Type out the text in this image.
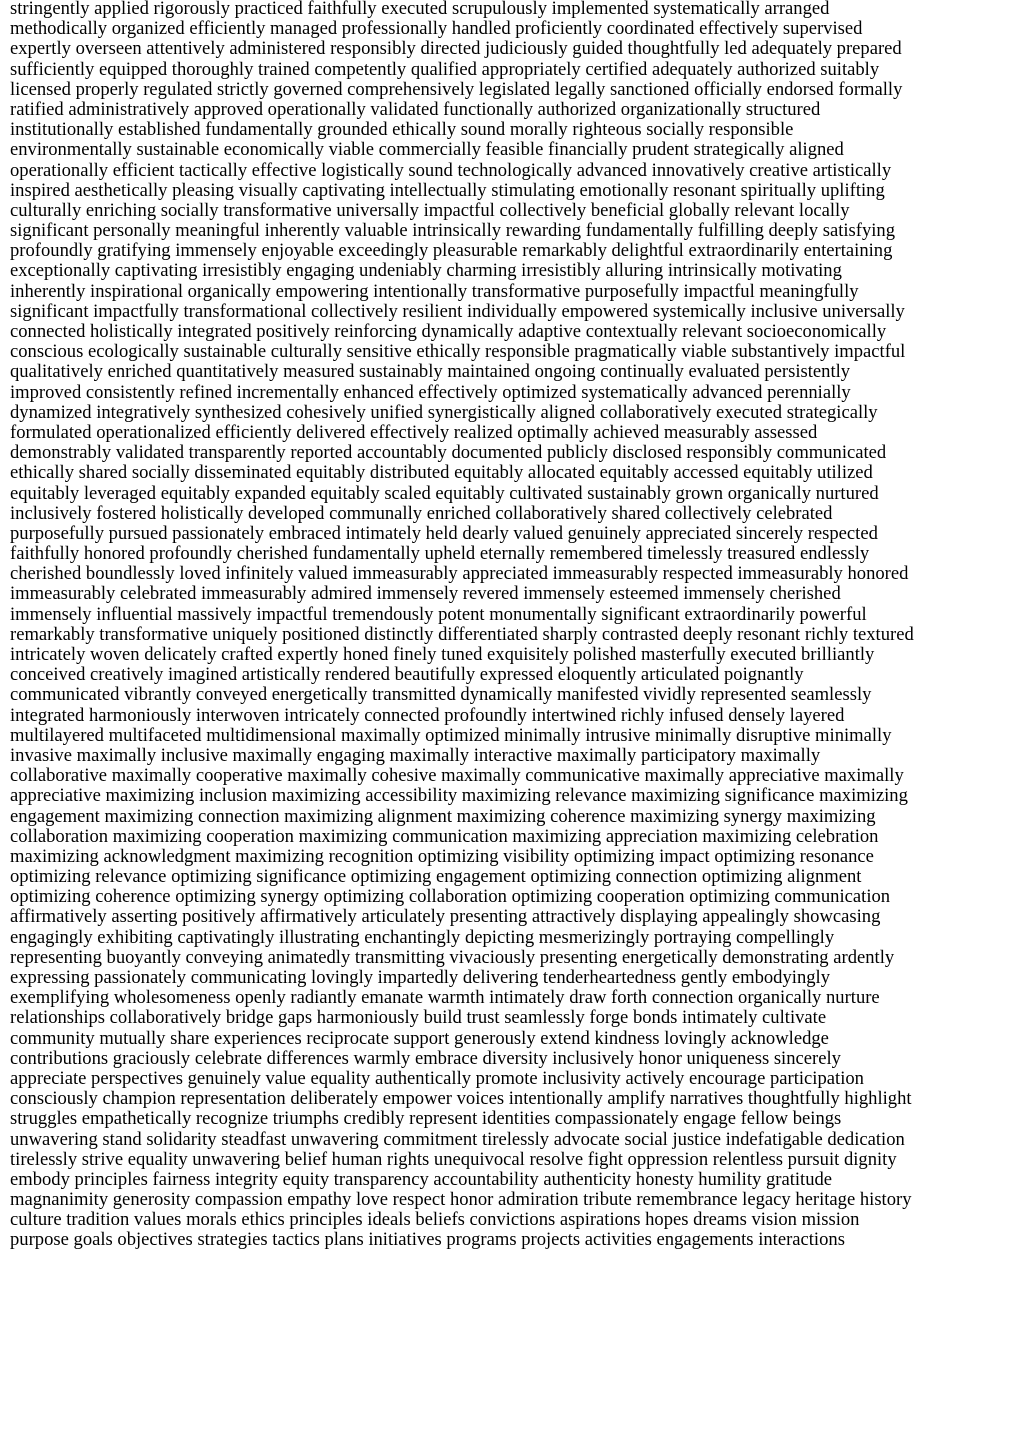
stringently applied rigorously practiced faithfully executed scrupulously implemented systematically arranged
methodically organized efficiently managed professionally handled proficiently coordinated effectively supervised
expertly overseen attentively administered responsibly directed judiciously guided thoughtfully led adequately prepared
sufficiently equipped thoroughly trained competently qualified appropriately certified adequately authorized suitably
licensed properly regulated strictly governed comprehensively legislated legally sanctioned officially endorsed formally
ratified administratively approved operationally validated functionally authorized organizationally structured
institutionally established fundamentally grounded ethically sound morally righteous socially responsible
environmentally sustainable economically viable commercially feasible financially prudent strategically aligned
operationally efficient tactically effective logistically sound technologically advanced innovatively creative artistically
inspired aesthetically pleasing visually captivating intellectually stimulating emotionally resonant spiritually uplifting
culturally enriching socially transformative universally impactful collectively beneficial globally relevant locally
significant personally meaningful inherently valuable intrinsically rewarding fundamentally fulfilling deeply satisfying
profoundly gratifying immensely enjoyable exceedingly pleasurable remarkably delightful extraordinarily entertaining
exceptionally captivating irresistibly engaging undeniably charming irresistibly alluring intrinsically motivating
inherently inspirational organically empowering intentionally transformative purposefully impactful meaningfully
significant impactfully transformational collectively resilient individually empowered systemically inclusive universally
connected holistically integrated positively reinforcing dynamically adaptive contextually relevant socioeconomically
conscious ecologically sustainable culturally sensitive ethically responsible pragmatically viable substantively impactful
qualitatively enriched quantitatively measured sustainably maintained ongoing continually evaluated persistently
improved consistently refined incrementally enhanced effectively optimized systematically advanced perennially
dynamized integratively synthesized cohesively unified synergistically aligned collaboratively executed strategically
formulated operationalized efficiently delivered effectively realized optimally achieved measurably assessed
demonstrably validated transparently reported accountably documented publicly disclosed responsibly communicated
ethically shared socially disseminated equitably distributed equitably allocated equitably accessed equitably utilized
equitably leveraged equitably expanded equitably scaled equitably cultivated sustainably grown organically nurtured
inclusively fostered holistically developed communally enriched collaboratively shared collectively celebrated
purposefully pursued passionately embraced intimately held dearly valued genuinely appreciated sincerely respected
faithfully honored profoundly cherished fundamentally upheld eternally remembered timelessly treasured endlessly
cherished boundlessly loved infinitely valued immeasurably appreciated immeasurably respected immeasurably honored
immeasurably celebrated immeasurably admired immensely revered immensely esteemed immensely cherished
immensely influential massively impactful tremendously potent monumentally significant extraordinarily powerful
remarkably transformative uniquely positioned distinctly differentiated sharply contrasted deeply resonant richly textured
intricately woven delicately crafted expertly honed finely tuned exquisitely polished masterfully executed brilliantly
conceived creatively imagined artistically rendered beautifully expressed eloquently articulated poignantly
communicated vibrantly conveyed energetically transmitted dynamically manifested vividly represented seamlessly
integrated harmoniously interwoven intricately connected profoundly intertwined richly infused densely layered
multilayered multifaceted multidimensional maximally optimized minimally intrusive minimally disruptive minimally
invasive maximally inclusive maximally engaging maximally interactive maximally participatory maximally
collaborative maximally cooperative maximally cohesive maximally communicative maximally appreciative maximally
appreciative maximizing inclusion maximizing accessibility maximizing relevance maximizing significance maximizing
engagement maximizing connection maximizing alignment maximizing coherence maximizing synergy maximizing
collaboration maximizing cooperation maximizing communication maximizing appreciation maximizing celebration
maximizing acknowledgment maximizing recognition optimizing visibility optimizing impact optimizing resonance
optimizing relevance optimizing significance optimizing engagement optimizing connection optimizing alignment
optimizing coherence optimizing synergy optimizing collaboration optimizing cooperation optimizing communication
affirmatively asserting positively affirmatively articulately presenting attractively displaying appealingly showcasing
engagingly exhibiting captivatingly illustrating enchantingly depicting mesmerizingly portraying compellingly
representing buoyantly conveying animatedly transmitting vivaciously presenting energetically demonstrating ardently
expressing passionately communicating lovingly impartedly delivering tenderheartedness gently embodyingly
exemplifying wholesomeness openly radiantly emanate warmth intimately draw forth connection organically nurture
relationships collaboratively bridge gaps harmoniously build trust seamlessly forge bonds intimately cultivate
community mutually share experiences reciprocate support generously extend kindness lovingly acknowledge
contributions graciously celebrate differences warmly embrace diversity inclusively honor uniqueness sincerely
appreciate perspectives genuinely value equality authentically promote inclusivity actively encourage participation
consciously champion representation deliberately empower voices intentionally amplify narratives thoughtfully highlight
struggles empathetically recognize triumphs credibly represent identities compassionately engage fellow beings
unwavering stand solidarity steadfast unwavering commitment tirelessly advocate social justice indefatigable dedication
tirelessly strive equality unwavering belief human rights unequivocal resolve fight oppression relentless pursuit dignity
embody principles fairness integrity equity transparency accountability authenticity honesty humility gratitude
magnanimity generosity compassion empathy love respect honor admiration tribute remembrance legacy heritage history
culture tradition values morals ethics principles ideals beliefs convictions aspirations hopes dreams vision mission
purpose goals objectives strategies tactics plans initiatives programs projects activities engagements interactions
